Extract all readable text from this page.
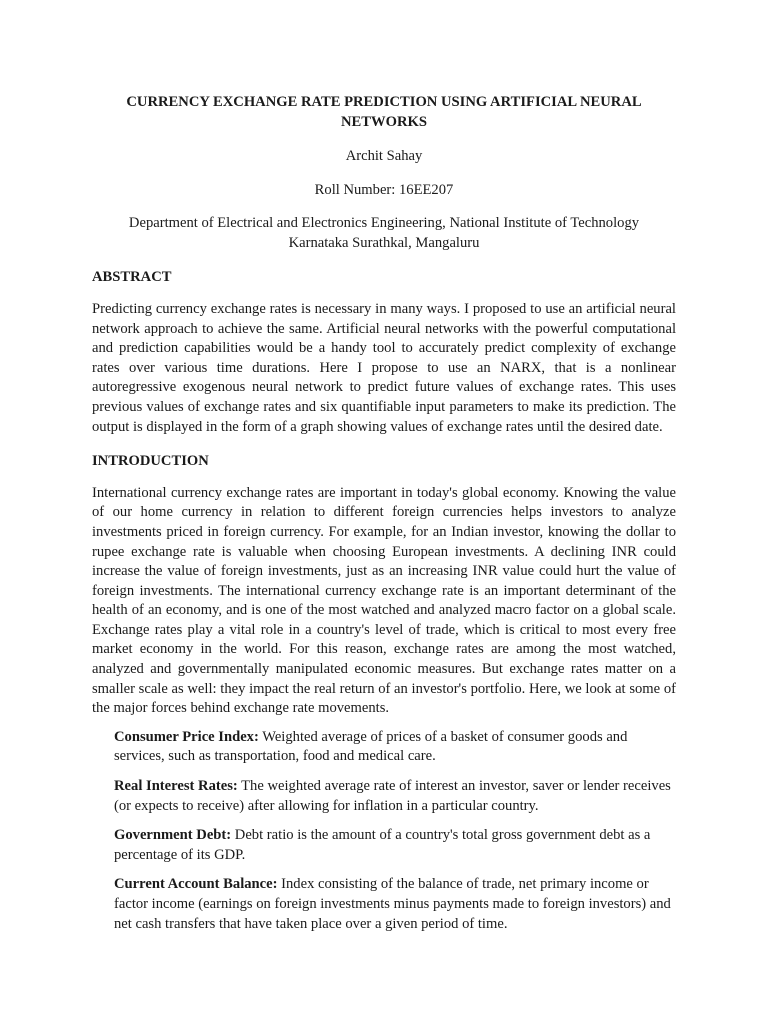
CURRENCY EXCHANGE RATE PREDICTION USING ARTIFICIAL NEURAL NETWORKS

Archit Sahay

Roll Number: 16EE207

Department of Electrical and Electronics Engineering, National Institute of Technology

Karnataka Surathkal, Mangaluru

ABSTRACT

Predicting currency exchange rates is necessary in many ways. I proposed to use an artificial neural network approach to achieve the same. Artificial neural networks with the powerful computational and prediction capabilities would be a handy tool to accurately predict complexity of exchange rates over various time durations. Here I propose to use an NARX, that is a nonlinear autoregressive exogenous neural network to predict future values of exchange rates. This uses previous values of exchange rates and six quantifiable input parameters to make its prediction. The output is displayed in the form of a graph showing values of exchange rates until the desired date.

INTRODUCTION

International currency exchange rates are important in today's global economy. Knowing the value of our home currency in relation to different foreign currencies helps investors to analyze investments priced in foreign currency. For example, for an Indian investor, knowing the dollar to rupee exchange rate is valuable when choosing European investments. A declining INR could increase the value of foreign investments, just as an increasing INR value could hurt the value of foreign investments. The international currency exchange rate is an important determinant of the health of an economy, and is one of the most watched and analyzed macro factor on a global scale. Exchange rates play a vital role in a country's level of trade, which is critical to most every free market economy in the world. For this reason, exchange rates are among the most watched, analyzed and governmentally manipulated economic measures. But exchange rates matter on a smaller scale as well: they impact the real return of an investor's portfolio. Here, we look at some of the major forces behind exchange rate movements.

Consumer Price Index: Weighted average of prices of a basket of consumer goods and services, such as transportation, food and medical care.

Real Interest Rates: The weighted average rate of interest an investor, saver or lender receives (or expects to receive) after allowing for inflation in a particular country.

Government Debt: Debt ratio is the amount of a country's total gross government debt as a percentage of its GDP.

Current Account Balance: Index consisting of the balance of trade, net primary income or factor income (earnings on foreign investments minus payments made to foreign investors) and net cash transfers that have taken place over a given period of time.
